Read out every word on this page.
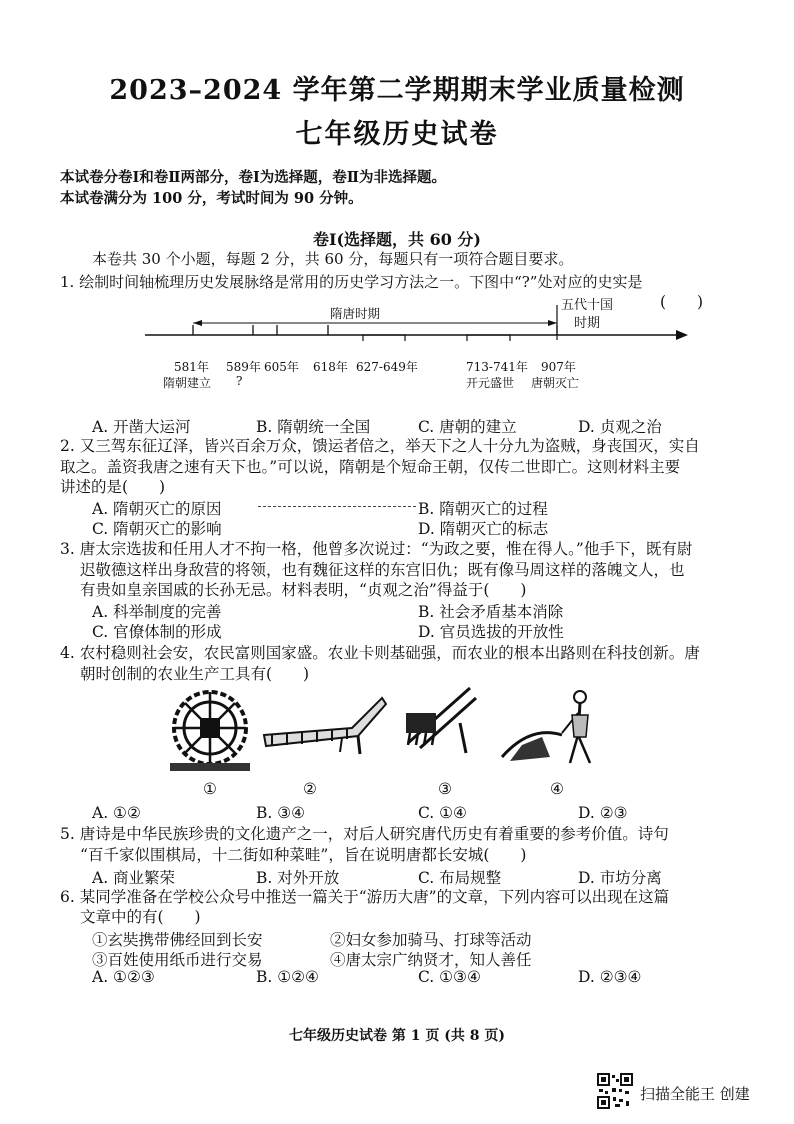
2023–2024 学年第二学期期末学业质量检测
七年级历史试卷
本试卷分卷Ⅰ和卷Ⅱ两部分，卷Ⅰ为选择题，卷Ⅱ为非选择题。
本试卷满分为 100 分，考试时间为 90 分钟。
卷Ⅰ(选择题，共 60 分)
本卷共 30 个小题，每题 2 分，共 60 分，每题只有一项符合题目要求。
1. 绘制时间轴梳理历史发展脉络是常用的历史学习方法之一。下图中“?”处对应的史实是
(　　)
隋唐时期
五代十国
时期
581年
隋朝建立
589年
?
605年 618年 627-649年	713-741年
开元盛世
907年
唐朝灭亡
A. 开凿大运河	B. 隋朝统一全国	C. 唐朝的建立	D. 贞观之治
2. 又三驾东征辽泽，皆兴百余万众，馈运者倍之，举天下之人十分九为盗贼，身丧国灭，实自
取之。盖资我唐之速有天下也。”可以说，隋朝是个短命王朝，仅传二世即亡。这则材料主要
讲述的是(　　)
A. 隋朝灭亡的原因	B. 隋朝灭亡的过程
C. 隋朝灭亡的影响	D. 隋朝灭亡的标志
3. 唐太宗选拔和任用人才不拘一格，他曾多次说过：“为政之要，惟在得人。”他手下，既有尉
迟敬德这样出身敌营的将领，也有魏征这样的东宫旧仇；既有像马周这样的落魄文人，也
有贵如皇亲国戚的长孙无忌。材料表明，“贞观之治”得益于(　　)
A. 科举制度的完善	B. 社会矛盾基本消除
C. 官僚体制的形成	D. 官员选拔的开放性
4. 农村稳则社会安，农民富则国家盛。农业卡则基础强，而农业的根本出路则在科技创新。唐
朝时创制的农业生产工具有(　　)
①	②	③	④
A. ①②	B. ③④	C. ①④	D. ②③
5. 唐诗是中华民族珍贵的文化遗产之一，对后人研究唐代历史有着重要的参考价值。诗句
“百千家似围棋局，十二街如种菜畦”，旨在说明唐都长安城(　　)
A. 商业繁荣	B. 对外开放	C. 布局规整	D. 市坊分离
6. 某同学准备在学校公众号中推送一篇关于“游历大唐”的文章，下列内容可以出现在这篇
文章中的有(　　)
①玄奘携带佛经回到长安	②妇女参加骑马、打球等活动
③百姓使用纸币进行交易	④唐太宗广纳贤才，知人善任
A. ①②③	B. ①②④	C. ①③④	D. ②③④
七年级历史试卷 第 1 页 (共 8 页)
扫描全能王 创建
